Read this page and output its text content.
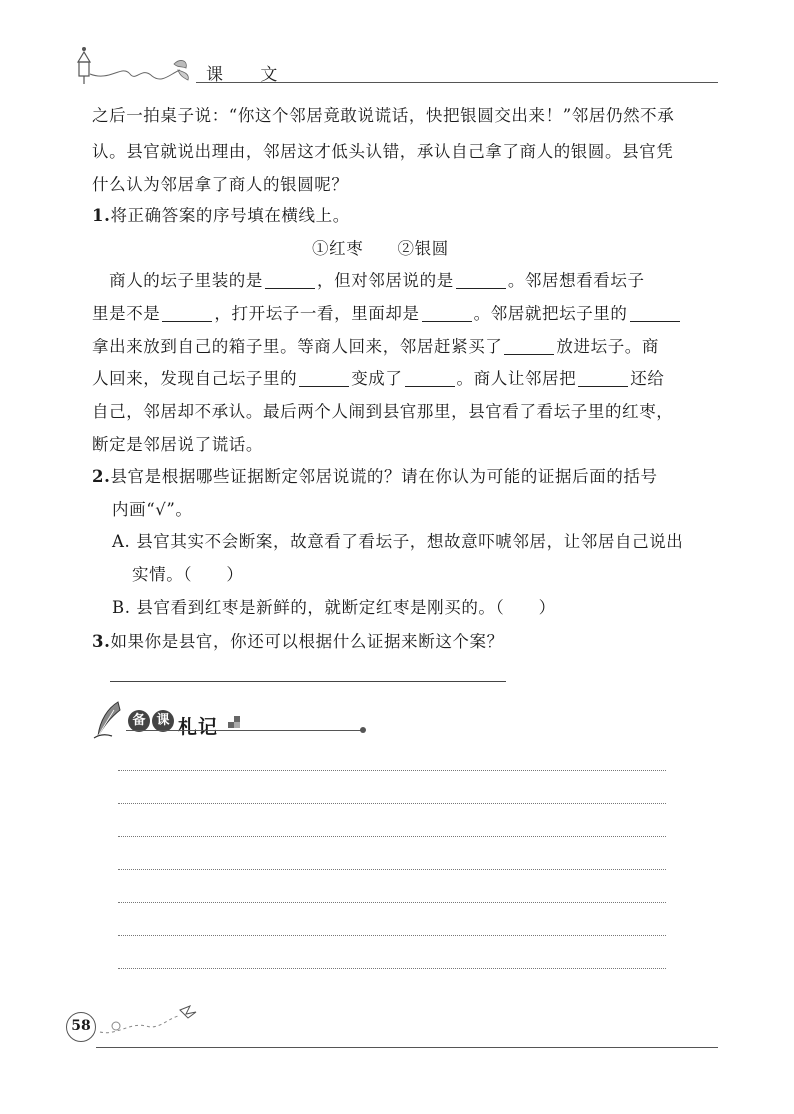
课 文
之后一拍桌子说：“你这个邻居竟敢说谎话，快把银圆交出来！”邻居仍然不承
认。县官就说出理由，邻居这才低头认错，承认自己拿了商人的银圆。县官凭
什么认为邻居拿了商人的银圆呢？
1.将正确答案的序号填在横线上。
①红枣　　②银圆
　商人的坛子里装的是	，但对邻居说的是	。邻居想看看坛子
里是不是	，打开坛子一看，里面却是	。邻居就把坛子里的
拿出来放到自己的箱子里。等商人回来，邻居赶紧买了	放进坛子。商
人回来，发现自己坛子里的	变成了	。商人让邻居把	还给
自己，邻居却不承认。最后两个人闹到县官那里，县官看了看坛子里的红枣，
断定是邻居说了谎话。
2.县官是根据哪些证据断定邻居说谎的？请在你认为可能的证据后面的括号
内画“√”。
A. 县官其实不会断案，故意看了看坛子，想故意吓唬邻居，让邻居自己说出
实情。（　　）
B. 县官看到红枣是新鲜的，就断定红枣是刚买的。（　　）
3.如果你是县官，你还可以根据什么证据来断这个案？
备 课 札记
58
